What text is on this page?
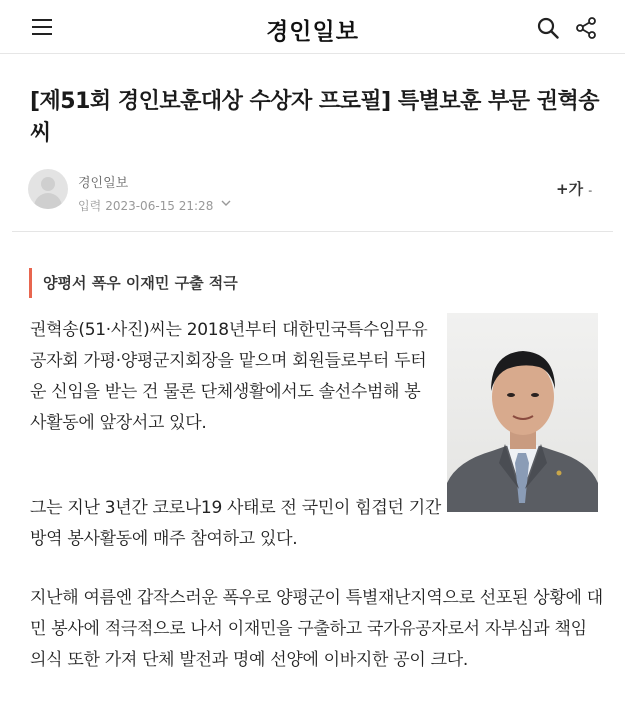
경인일보
[제51회 경인보훈대상 수상자 프로필] 특별보훈 부문 권혁송씨
경인일보
입력 2023-06-15 21:28
+가 -
양평서 폭우 이재민 구출 적극

권혁송(51·사진)씨는 2018년부터 대한민국특수임무유공자회 가평·양평군지회장을 맡으며 회원들로부터 두터운 신임을 받는 건 물론 단체생활에서도 솔선수범해 봉사활동에 앞장서고 있다.

그는 지난 3년간 코로나19 사태로 전 국민이 힘겹던 기간 방역 봉사활동에 매주 참여하고 있다.

지난해 여름엔 갑작스러운 폭우로 양평군이 특별재난지역으로 선포된 상황에 대민 봉사에 적극적으로 나서 이재민을 구출하고 국가유공자로서 자부심과 책임 의식 또한 가져 단체 발전과 명예 선양에 이바지한 공이 크다.
